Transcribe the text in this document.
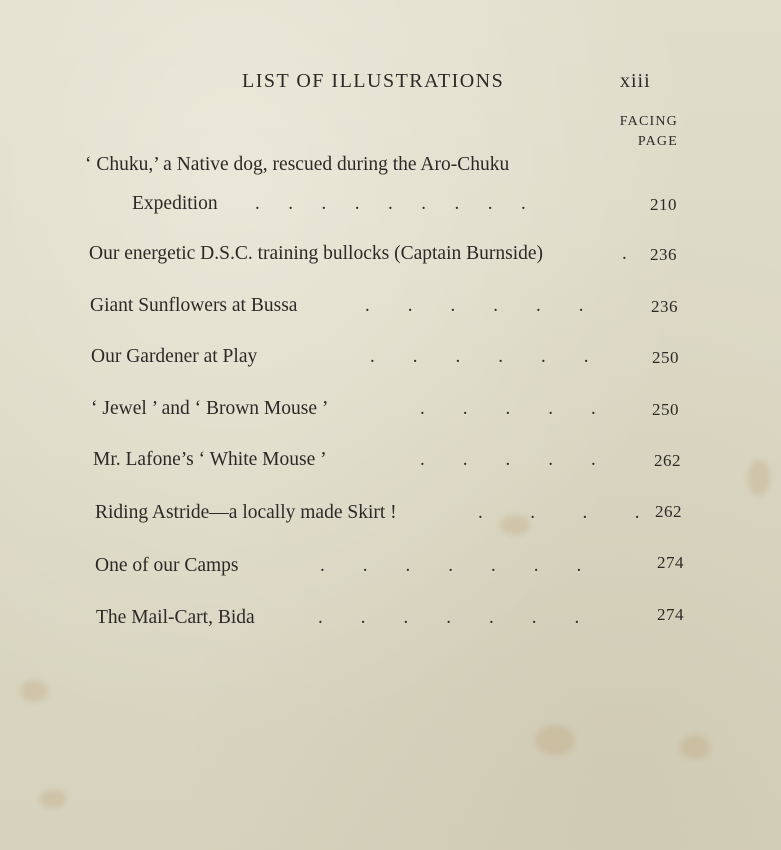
LIST OF ILLUSTRATIONS	xiii
FACING
PAGE
‘ Chuku,’ a Native dog, rescued during the Aro-Chuku
Expedition .      .      .      .      .      .      .      .      .	210
Our energetic D.S.C. training bullocks (Captain Burnside)	. 236
Giant Sunflowers at Bussa	.        .        .        .        .        .	236
Our Gardener at Play	.        .        .        .        .        .	250
‘ Jewel ’ and ‘ Brown Mouse ’	.        .        .        .        .	250
Mr. Lafone’s ‘ White Mouse ’	.        .        .        .        .	262
Riding Astride—a locally made Skirt !	.          .          .          . 262
One of our Camps	.        .        .        .        .        .        .	274
The Mail-Cart, Bida	.        .        .        .        .        .        .	274
